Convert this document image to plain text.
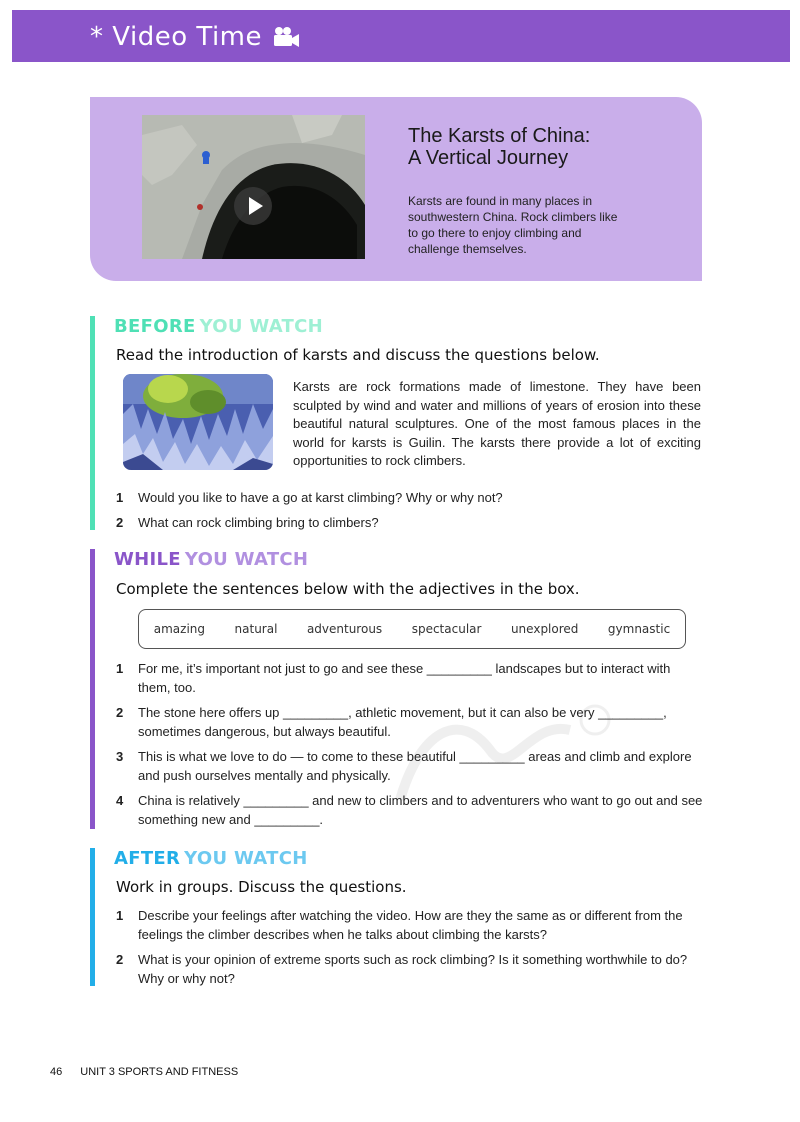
* Video Time
The Karsts of China:
A Vertical Journey
Karsts are found in many places in southwestern China. Rock climbers like to go there to enjoy climbing and challenge themselves.
BEFORE YOU WATCH
Read the introduction of karsts and discuss the questions below.
Karsts are rock formations made of limestone. They have been sculpted by wind and water and millions of years of erosion into these beautiful natural sculptures. One of the most famous places in the world for karsts is Guilin. The karsts there provide a lot of exciting opportunities to rock climbers.
1 Would you like to have a go at karst climbing? Why or why not?
2 What can rock climbing bring to climbers?
WHILE YOU WATCH
Complete the sentences below with the adjectives in the box.
amazing natural adventurous spectacular unexplored gymnastic
1 For me, it’s important not just to go and see these _________ landscapes but to interact with them, too.
2 The stone here offers up _________, athletic movement, but it can also be very _________, sometimes dangerous, but always beautiful.
3 This is what we love to do — to come to these beautiful _________ areas and climb and explore and push ourselves mentally and physically.
4 China is relatively _________ and new to climbers and to adventurers who want to go out and see something new and _________.
AFTER YOU WATCH
Work in groups. Discuss the questions.
1 Describe your feelings after watching the video. How are they the same as or different from the feelings the climber describes when he talks about climbing the karsts?
2 What is your opinion of extreme sports such as rock climbing? Is it something worthwhile to do? Why or why not?
46 UNIT 3 SPORTS AND FITNESS
